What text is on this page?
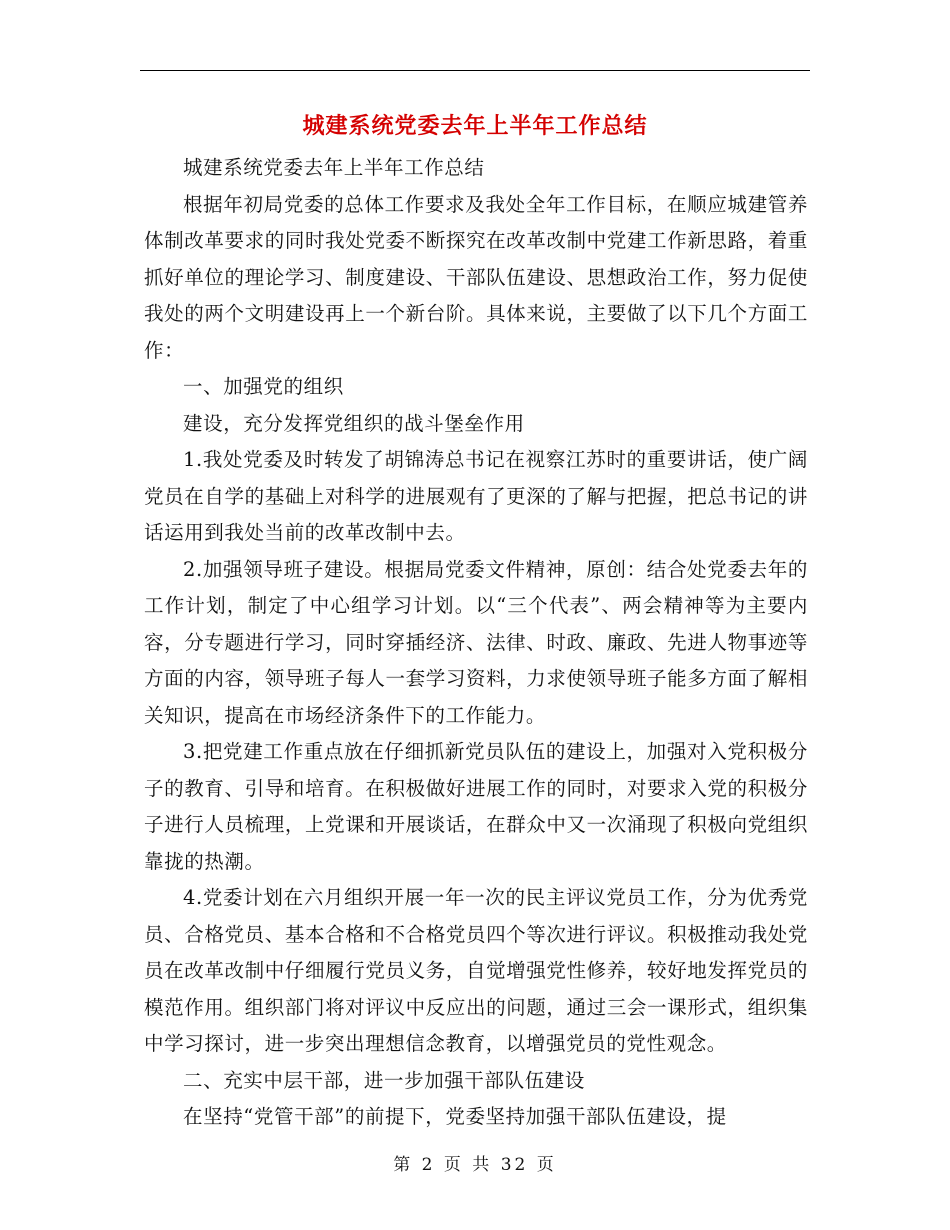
城建系统党委去年上半年工作总结

城建系统党委去年上半年工作总结

根据年初局党委的总体工作要求及我处全年工作目标，在顺应城建管养体制改革要求的同时我处党委不断探究在改革改制中党建工作新思路，着重抓好单位的理论学习、制度建设、干部队伍建设、思想政治工作，努力促使我处的两个文明建设再上一个新台阶。具体来说，主要做了以下几个方面工作：

一、加强党的组织

建设，充分发挥党组织的战斗堡垒作用

1.我处党委及时转发了胡锦涛总书记在视察江苏时的重要讲话，使广阔党员在自学的基础上对科学的进展观有了更深的了解与把握，把总书记的讲话运用到我处当前的改革改制中去。

2.加强领导班子建设。根据局党委文件精神，原创：结合处党委去年的工作计划，制定了中心组学习计划。以“三个代表”、两会精神等为主要内容，分专题进行学习，同时穿插经济、法律、时政、廉政、先进人物事迹等方面的内容，领导班子每人一套学习资料，力求使领导班子能多方面了解相关知识，提高在市场经济条件下的工作能力。

3.把党建工作重点放在仔细抓新党员队伍的建设上，加强对入党积极分子的教育、引导和培育。在积极做好进展工作的同时，对要求入党的积极分子进行人员梳理，上党课和开展谈话，在群众中又一次涌现了积极向党组织靠拢的热潮。

4.党委计划在六月组织开展一年一次的民主评议党员工作，分为优秀党员、合格党员、基本合格和不合格党员四个等次进行评议。积极推动我处党员在改革改制中仔细履行党员义务，自觉增强党性修养，较好地发挥党员的模范作用。组织部门将对评议中反应出的问题，通过三会一课形式，组织集中学习探讨，进一步突出理想信念教育，以增强党员的党性观念。

二、充实中层干部，进一步加强干部队伍建设

在坚持“党管干部”的前提下，党委坚持加强干部队伍建设，提

第 2 页 共 32 页
